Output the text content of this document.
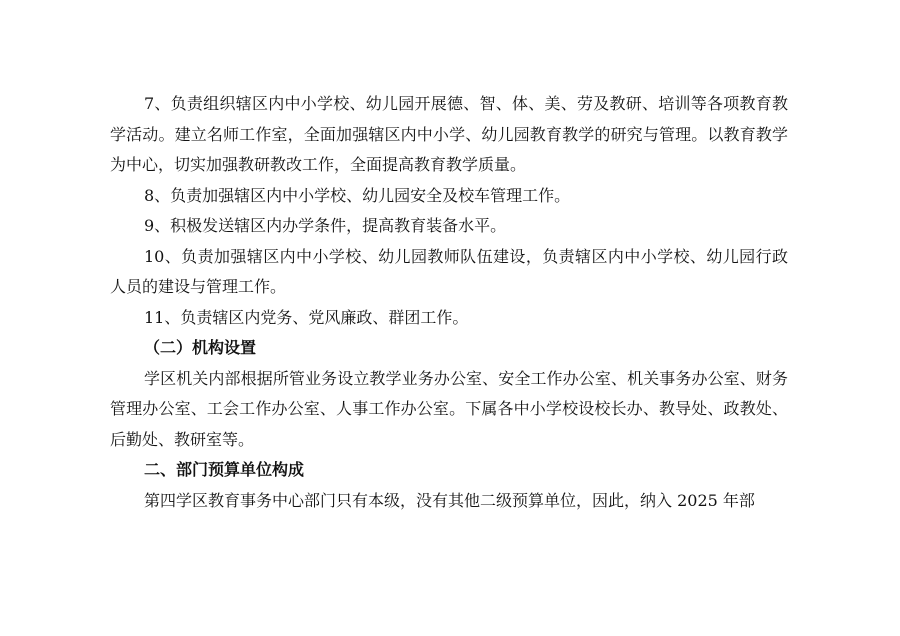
7、负责组织辖区内中小学校、幼儿园开展德、智、体、美、劳及教研、培训等各项教育教学活动。建立名师工作室，全面加强辖区内中小学、幼儿园教育教学的研究与管理。以教育教学为中心，切实加强教研教改工作，全面提高教育教学质量。

8、负责加强辖区内中小学校、幼儿园安全及校车管理工作。

9、积极发送辖区内办学条件，提高教育装备水平。

10、负责加强辖区内中小学校、幼儿园教师队伍建设，负责辖区内中小学校、幼儿园行政人员的建设与管理工作。

11、负责辖区内党务、党风廉政、群团工作。

（二）机构设置

学区机关内部根据所管业务设立教学业务办公室、安全工作办公室、机关事务办公室、财务管理办公室、工会工作办公室、人事工作办公室。下属各中小学校设校长办、教导处、政教处、后勤处、教研室等。

二、部门预算单位构成

第四学区教育事务中心部门只有本级，没有其他二级预算单位，因此，纳入 2025 年部
